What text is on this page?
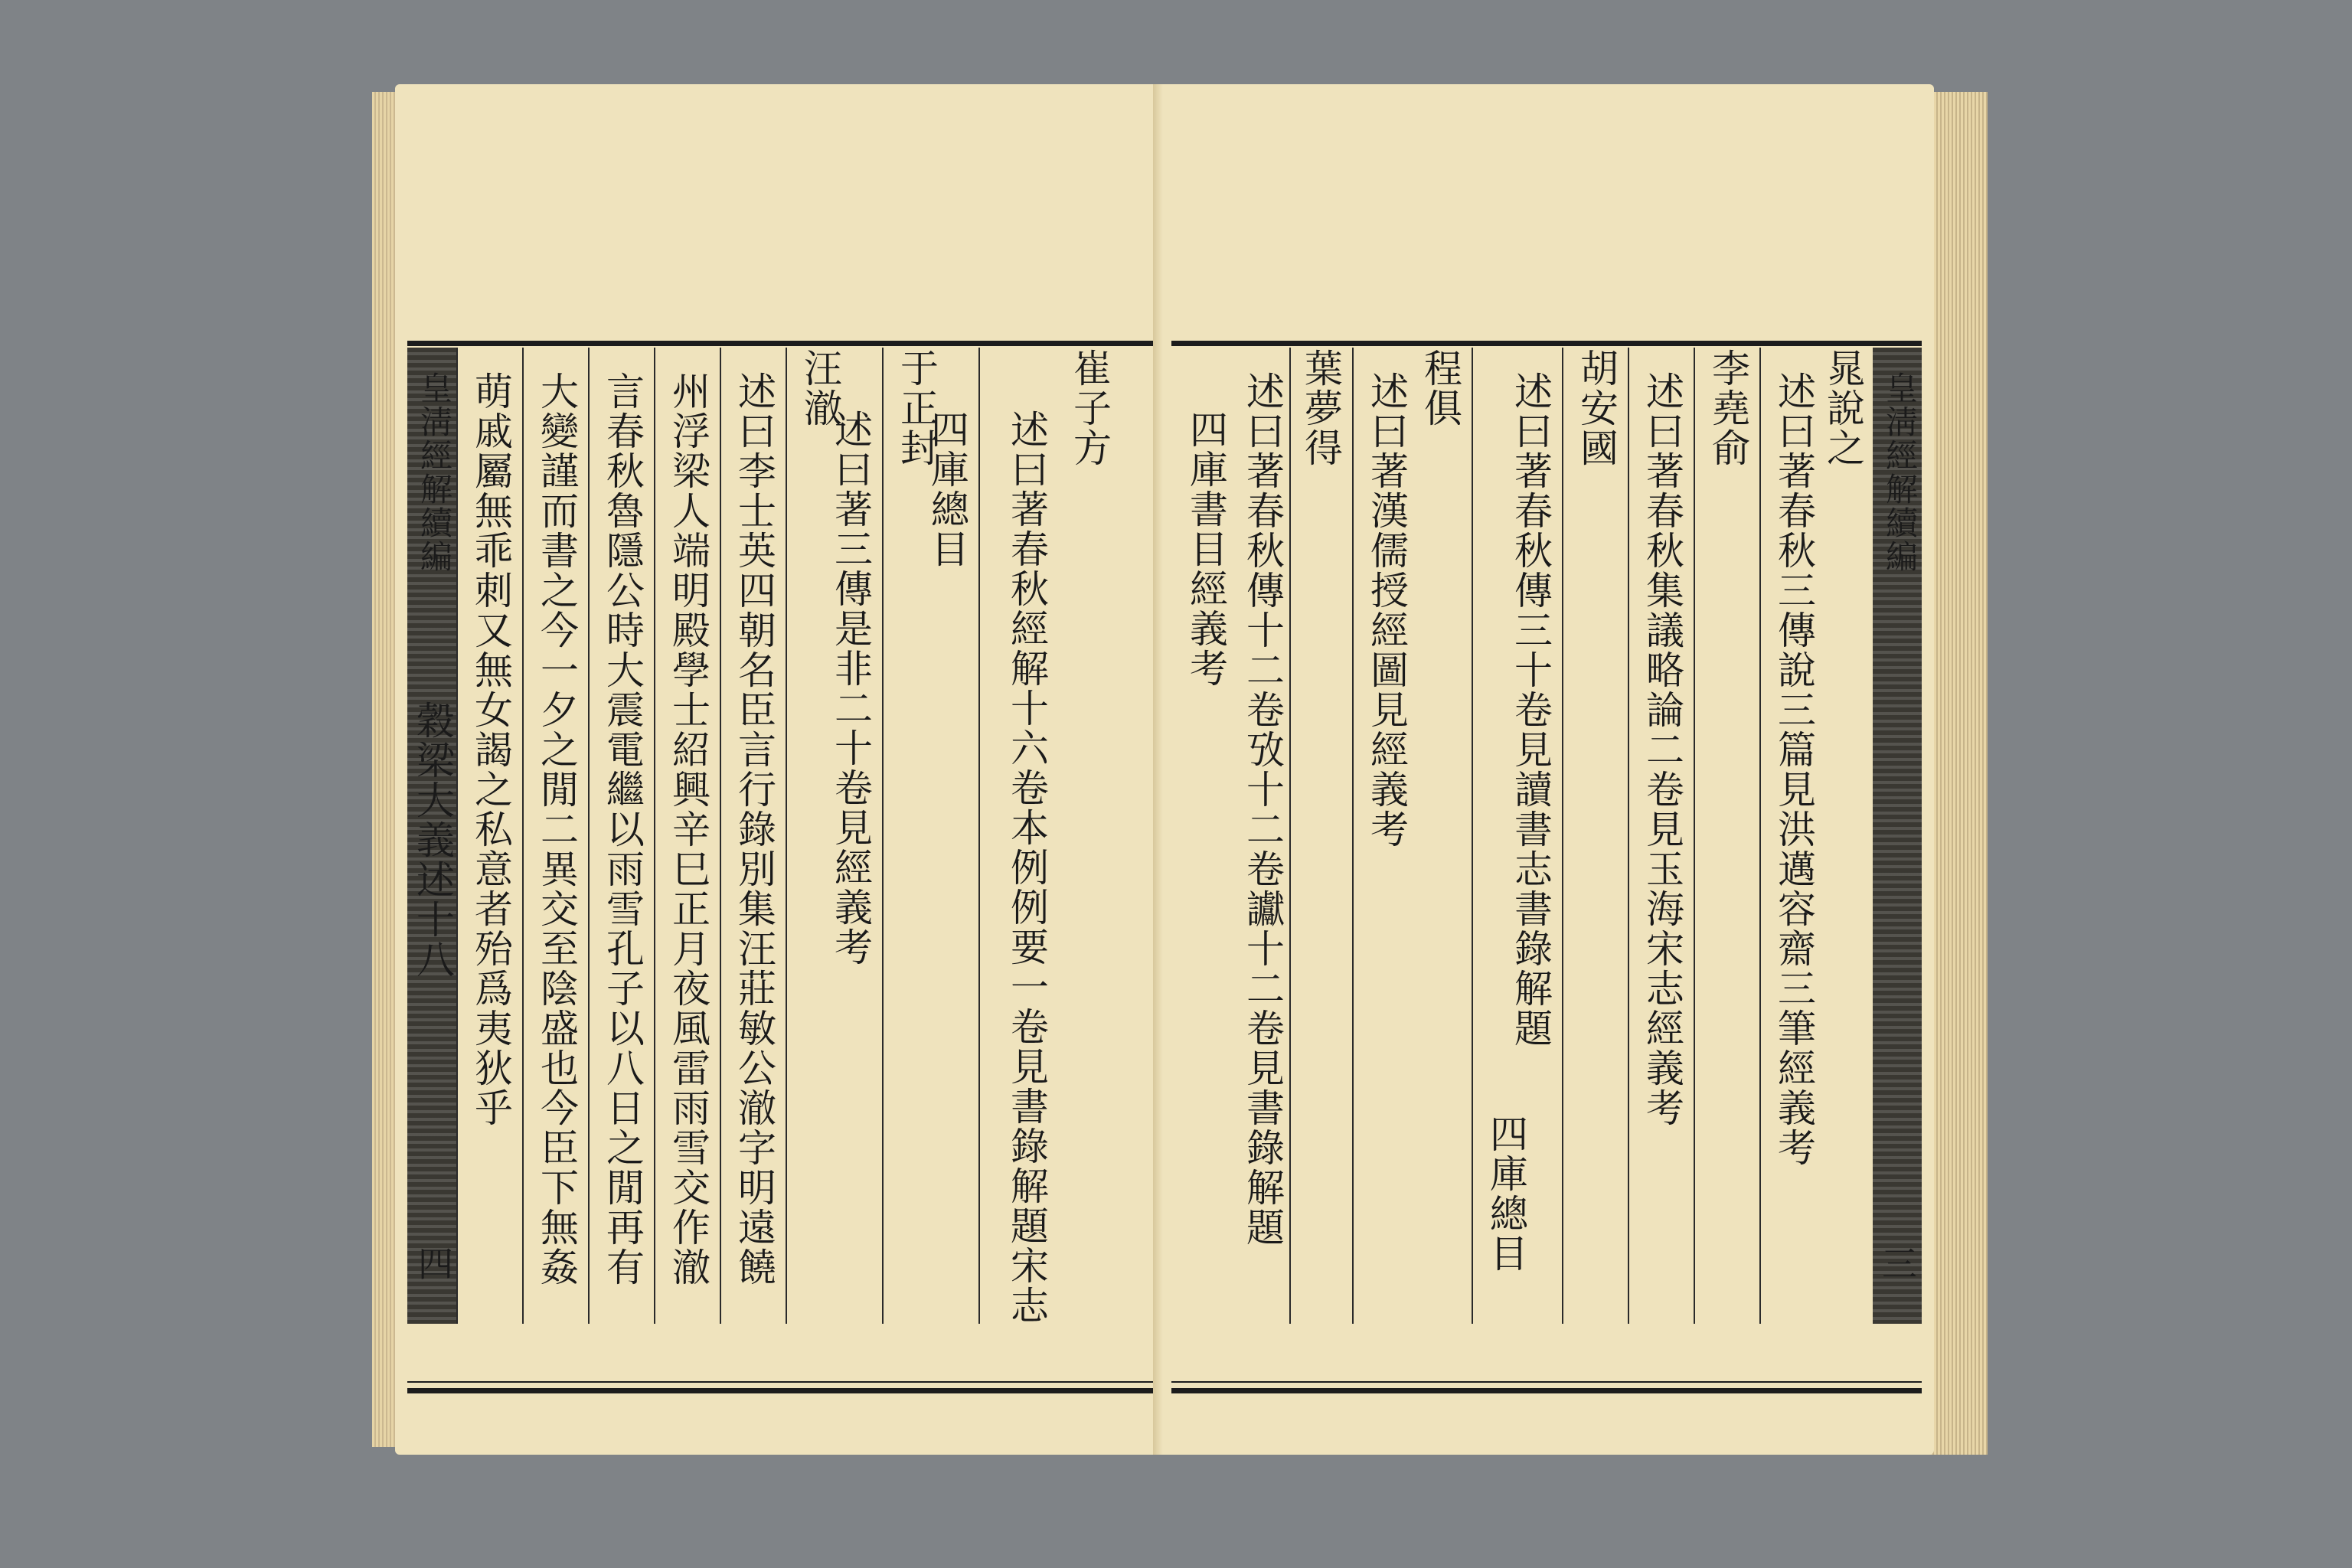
皇淸經解續編
穀梁大義述十八
四
萌戚屬無乖刺又無女謁之私意者殆爲夷狄乎 大變謹而書之今一夕之閒二異交至陰盛也今臣下無姦 言春秋魯隱公時大震電繼以雨雪孔子以八日之閒再有 州浮梁人端明殿學士紹興辛巳正月夜風雷雨雪交作澈 述曰李士英四朝名臣言行錄別集汪莊敏公澈字明遠饒 汪澈
述曰著三傳是非二十卷見經義考
于正封
四庫總目 述曰著春秋經解十六卷本例例要一卷見書錄解題宋志
崔子方
四庫書目經義考 述曰著春秋傳十二卷攷十二卷讞十二卷見書錄解題 葉夢得 述曰著漢儒授經圖見經義考 程俱
四庫總目
述曰著春秋傳三十卷見讀書志書錄解題 胡安國 述曰著春秋集議略論二卷見玉海宋志經義考 李堯俞 述曰著春秋三傳說三篇見洪邁容齋三筆經義考 晁說之 皇淸經解續編
三
